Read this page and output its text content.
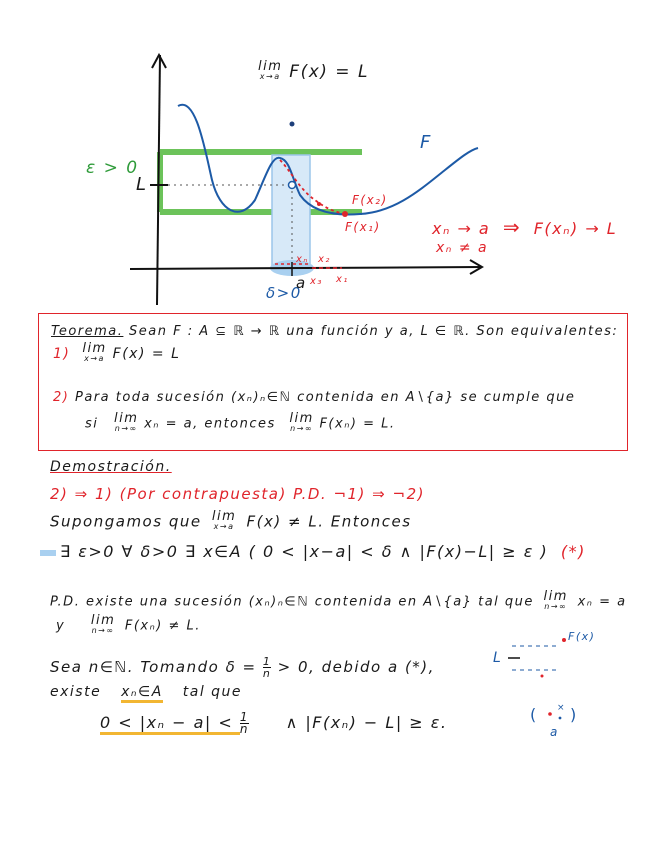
lim
x→a F(x) = L
F
ε > 0
L
δ>0
a
F(x₂)
F(x₁)
xₙ x₂
x₃ x₁
xₙ → a ⇒ F(xₙ) → L
xₙ ≠ a
Teorema. Sean F : A ⊆ ℝ → ℝ una función y a, L ∈ ℝ. Son equivalentes:
1) lim
x→a F(x) = L
2) Para toda sucesión (xₙ)ₙ∈ℕ contenida en A∖{a} se cumple que
si lim
n→∞ xₙ = a, entonces lim
n→∞ F(xₙ) = L.
Demostración.
2) ⇒ 1) (Por contrapuesta) P.D. ¬1) ⇒ ¬2)
Supongamos que lim
x→a F(x) ≠ L. Entonces
∃ ε>0 ∀ δ>0 ∃ x∈A ( 0 < |x−a| < δ ∧ |F(x)−L| ≥ ε ) (*)
P.D. existe una sucesión (xₙ)ₙ∈ℕ contenida en A∖{a} tal que lim
n→∞ xₙ = a
y lim
n→∞ F(xₙ) ≠ L.
Sea n∈ℕ. Tomando $\delta = \frac{1}{n} > 0$, debido a (*),
existe xₙ∈A tal que
$0 < |x_n - a| < \frac{1}{n}$ ∧ |F(xₙ) − L| ≥ ε.
F(x)
L
( )
×
a
